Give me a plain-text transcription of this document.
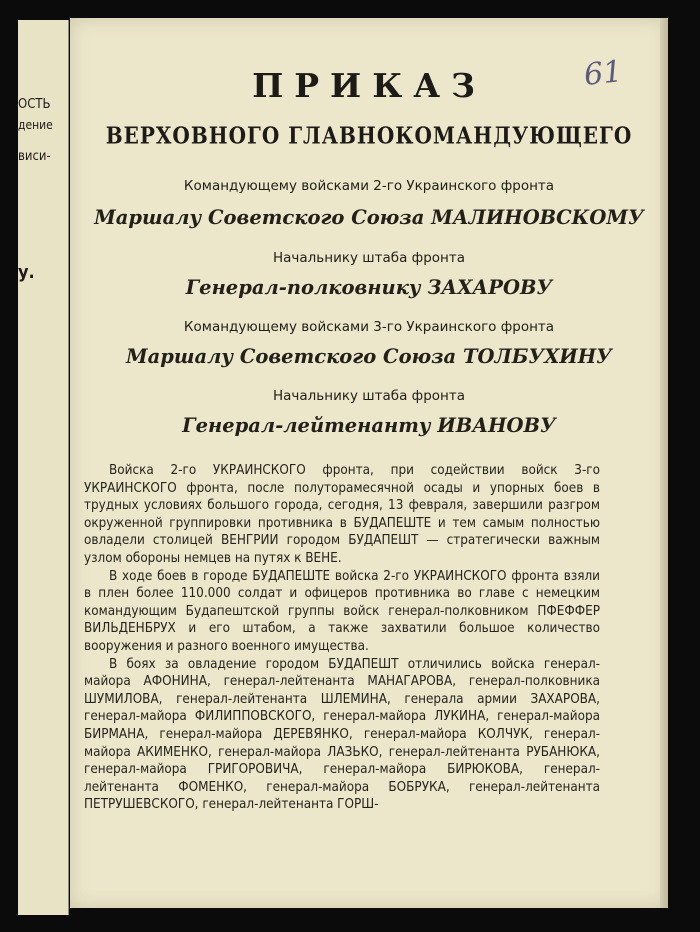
ОСТЬ
дение
виси-
у.
61
ПРИКАЗ
ВЕРХОВНОГО ГЛАВНОКОМАНДУЮЩЕГО
Командующему войсками 2-го Украинского фронта
Маршалу Советского Союза МАЛИНОВСКОМУ
Начальнику штаба фронта
Генерал-полковнику ЗАХАРОВУ
Командующему войсками 3-го Украинского фронта
Маршалу Советского Союза ТОЛБУХИНУ
Начальнику штаба фронта
Генерал-лейтенанту ИВАНОВУ

Войска 2-го УКРАИНСКОГО фронта, при содействии войск 3-го УКРАИНСКОГО фронта, после полуторамесячной осады и упорных боев в трудных условиях большого города, сегодня, 13 февраля, завершили разгром окруженной группировки противника в БУДАПЕШТЕ и тем самым полностью овладели столицей ВЕНГРИИ городом БУДАПЕШТ — стратегически важным узлом обороны немцев на путях к ВЕНЕ.

В ходе боев в городе БУДАПЕШТЕ войска 2-го УКРАИНСКОГО фронта взяли в плен более 110.000 солдат и офицеров противника во главе с немецким командующим Будапештской группы войск генерал-полковником ПФЕФФЕР ВИЛЬДЕНБРУХ и его штабом, а также захватили большое количество вооружения и разного военного имущества.

В боях за овладение городом БУДАПЕШТ отличились войска генерал-майора АФОНИНА, генерал-лейтенанта МАНАГАРОВА, генерал-полковника ШУМИЛОВА, генерал-лейтенанта ШЛЕМИНА, генерала армии ЗАХАРОВА, генерал-майора ФИЛИППОВСКОГО, генерал-майора ЛУКИНА, генерал-майора БИРМАНА, генерал-майора ДЕРЕВЯНКО, генерал-майора КОЛЧУК, генерал-майора АКИМЕНКО, генерал-майора ЛАЗЬКО, генерал-лейтенанта РУБАНЮКА, генерал-майора ГРИГОРОВИЧА, генерал-майора БИРЮКОВА, генерал-лейтенанта ФОМЕНКО, генерал-майора БОБРУКА, генерал-лейтенанта ПЕТРУШЕВСКОГО, генерал-лейтенанта ГОРШ-
